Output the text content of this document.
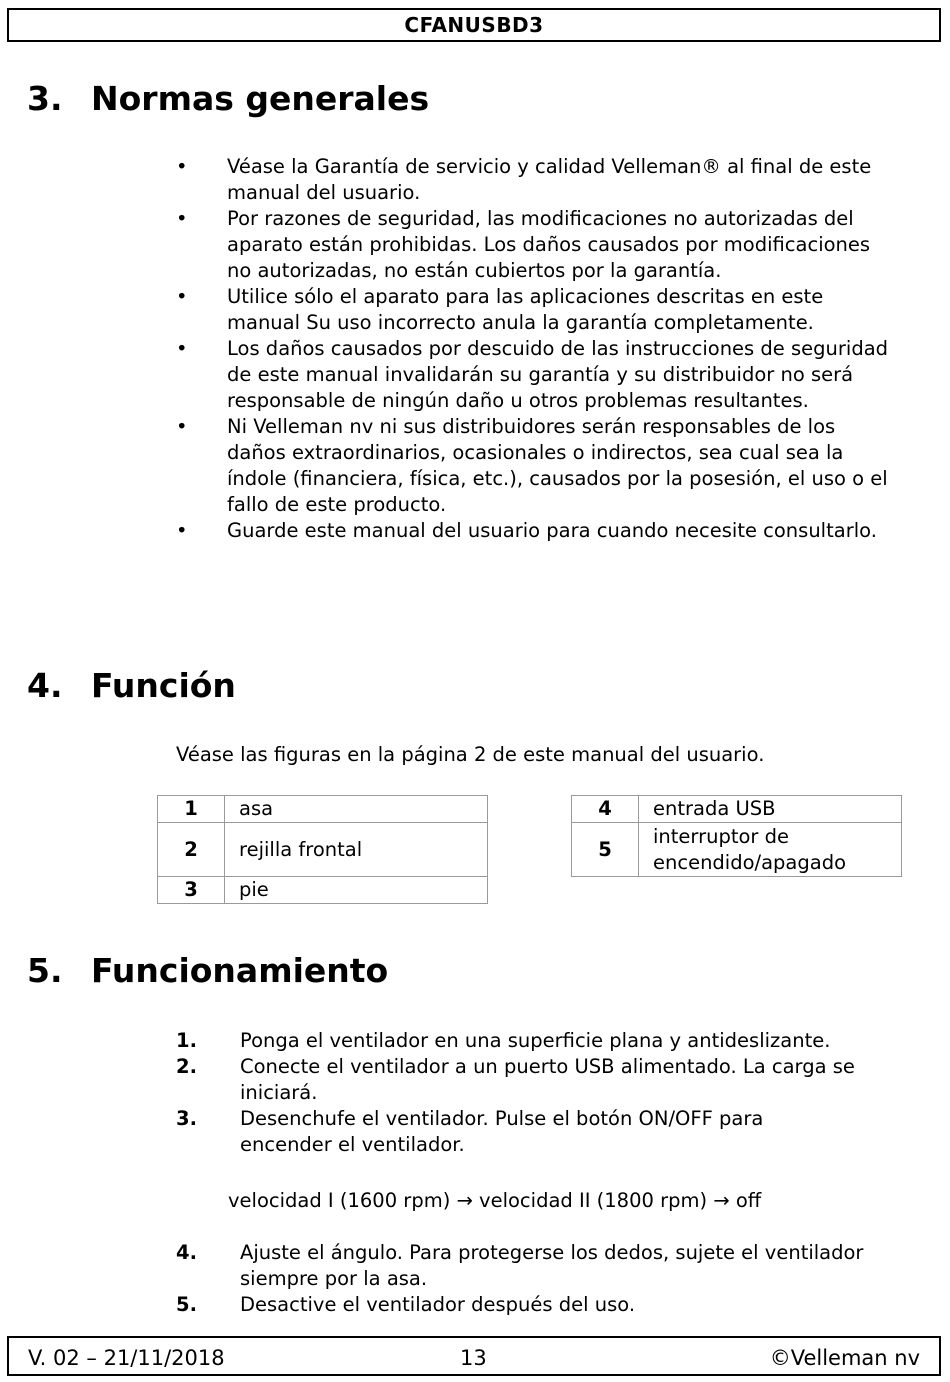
CFANUSBD3
3. Normas generales
• Véase la Garantía de servicio y calidad Velleman® al final de este manual del usuario.
• Por razones de seguridad, las modificaciones no autorizadas del aparato están prohibidas. Los daños causados por modificaciones no autorizadas, no están cubiertos por la garantía.
• Utilice sólo el aparato para las aplicaciones descritas en este manual Su uso incorrecto anula la garantía completamente.
• Los daños causados por descuido de las instrucciones de seguridad de este manual invalidarán su garantía y su distribuidor no será responsable de ningún daño u otros problemas resultantes.
• Ni Velleman nv ni sus distribuidores serán responsables de los daños extraordinarios, ocasionales o indirectos, sea cual sea la índole (financiera, física, etc.), causados por la posesión, el uso o el fallo de este producto.
• Guarde este manual del usuario para cuando necesite consultarlo.
4. Función
Véase las figuras en la página 2 de este manual del usuario.
1	asa
2	rejilla frontal
3	pie
4	entrada USB
5	interruptor de encendido/apagado
5. Funcionamiento
1. Ponga el ventilador en una superficie plana y antideslizante.
2. Conecte el ventilador a un puerto USB alimentado. La carga se iniciará.
3. Desenchufe el ventilador. Pulse el botón ON/OFF para encender el ventilador.
velocidad I (1600 rpm) → velocidad II (1800 rpm) → off
4. Ajuste el ángulo. Para protegerse los dedos, sujete el ventilador siempre por la asa.
5. Desactive el ventilador después del uso.
V. 02 – 21/11/2018	13	©Velleman nv
